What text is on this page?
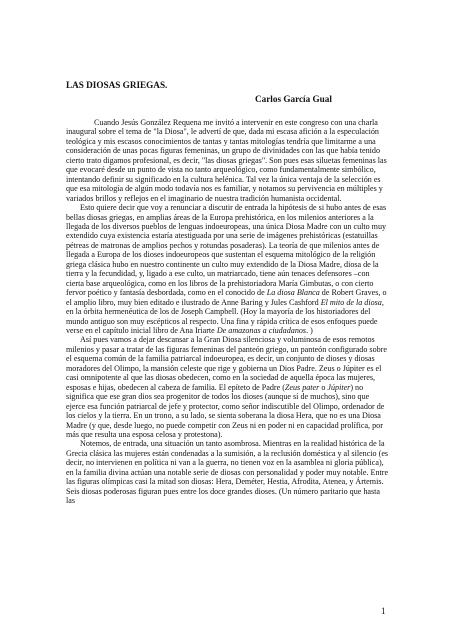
LAS DIOSAS GRIEGAS.

Carlos García Gual

Cuando Jesús González Requena me invitó a intervenir en este congreso con una charla inaugural sobre el tema de "la Diosa", le advertí de que, dada mi escasa afición a la especulación teológica y mis escasos conocimientos de tantas y tantas mitologías tendría que limitarme a una consideración de unas pocas figuras femeninas, un grupo de divinidades con las que había tenido cierto trato digamos profesional, es decir, "las diosas griegas". Son pues esas siluetas femeninas las que evocaré desde un punto de vista no tanto arqueológico, como fundamentalmente simbólico, intentando definir su significado en la cultura helénica. Tal vez la única ventaja de la selección es que esa mitología de algún modo todavía nos es familiar, y notamos su pervivencia en múltiples y variados brillos y reflejos en el imaginario de nuestra tradición humanista occidental.

Esto quiere decir que voy a renunciar a discutir de entrada la hipótesis de si hubo antes de esas bellas diosas griegas, en amplias áreas de la Europa prehistórica, en los milenios anteriores a la llegada de los diversos pueblos de lenguas indoeuropeas, una única Diosa Madre con un culto muy extendido cuya existencia estaría atestiguada por una serie de imágenes prehistóricas (estatuillas pétreas de matronas de amplios pechos y rotundas posaderas). La teoría de que milenios antes de llegada a Europa de los dioses indoeuropeos que sustentan el esquema mitológico de la religión griega clásica hubo en nuestro continente un culto muy extendido de la Diosa Madre, diosa de la tierra y la fecundidad, y, ligado a ese culto, un matriarcado, tiene aún tenaces defensores –con cierta base arqueológica, como en los libros de la prehistoriadora María Gimbutas, o con cierto fervor poético y fantasía desbordada, como en el conocido de La diosa Blanca de Robert Graves, o el amplio libro, muy bien editado e ilustrado de Anne Baring y Jules Cashford El mito de la diosa, en la órbita hermenéutica de los de Joseph Campbell. (Hoy la mayoría de los historiadores del mundo antiguo son muy escépticos al respecto. Una fina y rápida crítica de esos enfoques puede verse en el capítulo inicial libro de Ana Iriarte De amazonas a ciudadanos. )

Así pues vamos a dejar descansar a la Gran Diosa silenciosa y voluminosa de esos remotos milenios y pasar a tratar de las figuras femeninas del panteón griego, un panteón configurado sobre el esquema común de la familia patriarcal indoeuropea, es decir, un conjunto de dioses y diosas moradores del Olimpo, la mansión celeste que rige y gobierna un Dios Padre. Zeus o Júpiter es el casi omnipotente al que las diosas obedecen, como en la sociedad de aquella época las mujeres, esposas e hijas, obedecen al cabeza de familia. El epíteto de Padre (Zeus pater o Júpiter) no significa que ese gran dios sea progenitor de todos los dioses (aunque sí de muchos), sino que ejerce esa función patriarcal de jefe y protector, como señor indiscutible del Olimpo, ordenador de los cielos y la tierra. En un trono, a su lado, se sienta soberana la diosa Hera, que no es una Diosa Madre (y que, desde luego, no puede competir con Zeus ni en poder ni en capacidad prolífica, por más que resulta una esposa celosa y protestona).

Notemos, de entrada, una situación un tanto asombrosa. Mientras en la realidad histórica de la Grecia clásica las mujeres están condenadas a la sumisión, a la reclusión doméstica y al silencio (es decir, no intervienen en política ni van a la guerra, no tienen voz en la asamblea ni gloria pública), en la familia divina actúan una notable serie de diosas con personalidad y poder muy notable. Entre las figuras olímpicas casi la mitad son diosas: Hera, Deméter, Hestia, Afrodita, Atenea, y Ártemis. Seis diosas poderosas figuran pues entre los doce grandes dioses. (Un número paritario que hasta las

1
